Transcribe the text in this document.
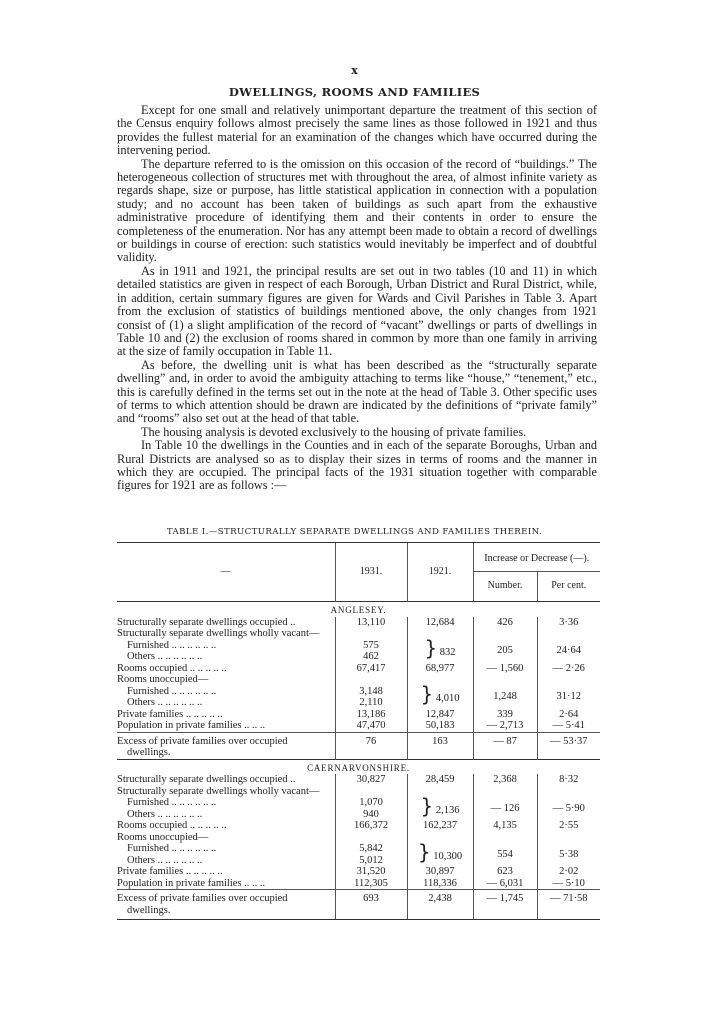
x
DWELLINGS, ROOMS AND FAMILIES

Except for one small and relatively unimportant departure the treatment of this section of the Census enquiry follows almost precisely the same lines as those followed in 1921 and thus provides the fullest material for an examination of the changes which have occurred during the intervening period.

The departure referred to is the omission on this occasion of the record of “buildings.” The heterogeneous collection of structures met with throughout the area, of almost infinite variety as regards shape, size or purpose, has little statistical application in connection with a population study; and no account has been taken of buildings as such apart from the exhaustive administrative procedure of identifying them and their contents in order to ensure the completeness of the enumeration. Nor has any attempt been made to obtain a record of dwellings or buildings in course of erection: such statistics would inevitably be imperfect and of doubtful validity.

As in 1911 and 1921, the principal results are set out in two tables (10 and 11) in which detailed statistics are given in respect of each Borough, Urban District and Rural District, while, in addition, certain summary figures are given for Wards and Civil Parishes in Table 3. Apart from the exclusion of statistics of buildings mentioned above, the only changes from 1921 consist of (1) a slight amplification of the record of “vacant” dwellings or parts of dwellings in Table 10 and (2) the exclusion of rooms shared in common by more than one family in arriving at the size of family occupation in Table 11.

As before, the dwelling unit is what has been described as the “structurally separate dwelling” and, in order to avoid the ambiguity attaching to terms like “house,” “tenement,” etc., this is carefully defined in the terms set out in the note at the head of Table 3. Other specific uses of terms to which attention should be drawn are indicated by the definitions of “private family” and “rooms” also set out at the head of that table.

The housing analysis is devoted exclusively to the housing of private families.

In Table 10 the dwellings in the Counties and in each of the separate Boroughs, Urban and Rural Districts are analysed so as to display their sizes in terms of rooms and the manner in which they are occupied. The principal facts of the 1931 situation together with comparable figures for 1921 are as follows :—

TABLE I.—STRUCTURALLY SEPARATE DWELLINGS AND FAMILIES THEREIN.
—	1931.	1921.	Increase or Decrease (—).	
			Number.	Per cent.
ANGLESEY.				
Structurally separate dwellings occupied ..	13,110	12,684	426	3·36
Structurally separate dwellings wholly vacant—				
Furnished .. .. .. .. .. ..	575	} 832	205	24·64
Others .. .. .. .. .. ..	462			
Rooms occupied .. .. .. .. ..	67,417	68,977	— 1,560	— 2·26
Rooms unoccupied—				
Furnished .. .. .. .. .. ..	3,148	} 4,010	1,248	31·12
Others .. .. .. .. .. ..	2,110			
Private families .. .. .. .. ..	13,186	12,847	339	2·64
Population in private families .. .. ..	47,470	50,183	— 2,713	— 5·41
Excess of private families over occupied
dwellings.	76	163	— 87	— 53·37
CAERNARVONSHIRE.				
Structurally separate dwellings occupied ..	30,827	28,459	2,368	8·32
Structurally separate dwellings wholly vacant—				
Furnished .. .. .. .. .. ..	1,070	} 2,136	— 126	— 5·90
Others .. .. .. .. .. ..	940			
Rooms occupied .. .. .. .. ..	166,372	162,237	4,135	2·55
Rooms unoccupied—				
Furnished .. .. .. .. .. ..	5,842	} 10,300	554	5·38
Others .. .. .. .. .. ..	5,012			
Private families .. .. .. .. ..	31,520	30,897	623	2·02
Population in private families .. .. ..	112,305	118,336	— 6,031	— 5·10
Excess of private families over occupied
dwellings.	693	2,438	— 1,745	— 71·58
